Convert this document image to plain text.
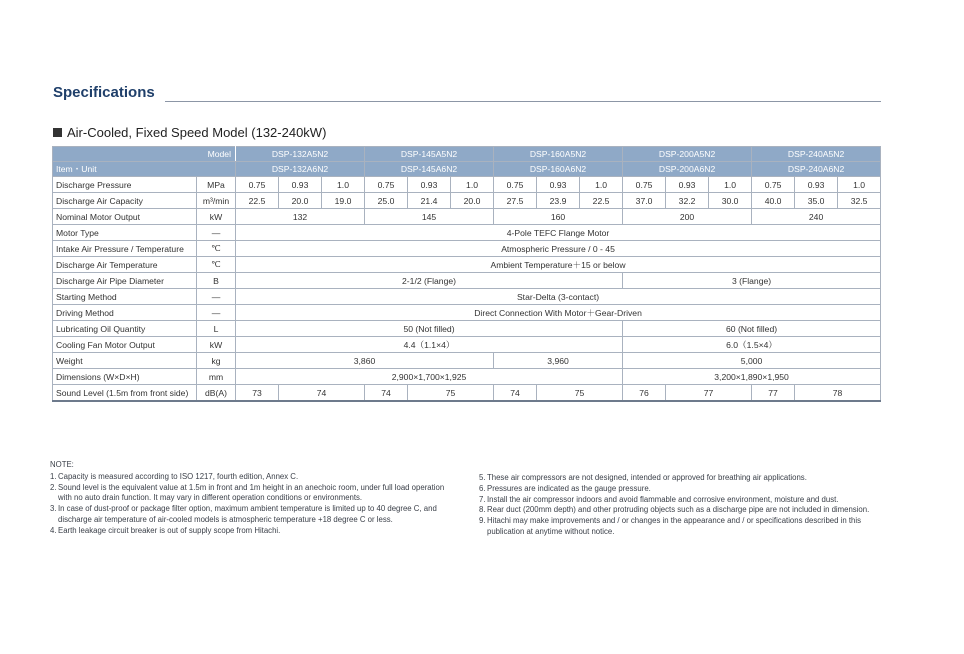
Specifications
Air-Cooled, Fixed Speed Model (132-240kW)
Model		DSP-132A5N2			DSP-145A5N2			DSP-160A5N2			DSP-200A5N2			DSP-240A5N2		
Item・Unit		DSP-132A6N2			DSP-145A6N2			DSP-160A6N2			DSP-200A6N2			DSP-240A6N2		
Discharge Pressure	MPa	0.75	0.93	1.0	0.75	0.93	1.0	0.75	0.93	1.0	0.75	0.93	1.0	0.75	0.93	1.0
Discharge Air Capacity	m³/min	22.5	20.0	19.0	25.0	21.4	20.0	27.5	23.9	22.5	37.0	32.2	30.0	40.0	35.0	32.5
Nominal Motor Output	kW	132			145			160			200			240		
Motor Type	—	4-Pole TEFC Flange Motor														
Intake Air Pressure / Temperature	℃	Atmospheric Pressure / 0 - 45														
Discharge Air Temperature	℃	Ambient Temperature＋15 or below														
Discharge Air Pipe Diameter	B	2-1/2 (Flange)									3 (Flange)					
Starting Method	—	Star-Delta (3-contact)														
Driving Method	—	Direct Connection With Motor＋Gear-Driven														
Lubricating Oil Quantity	L	50 (Not filled)									60 (Not filled)					
Cooling Fan Motor Output	kW	4.4（1.1×4）									6.0（1.5×4）					
Weight	kg	3,860						3,960			5,000					
Dimensions (W×D×H)	mm	2,900×1,700×1,925									3,200×1,890×1,950					
Sound Level (1.5m from front side)	dB(A)	73	74		74	75		74	75		76	77		77	78	
NOTE:
1. Capacity is measured according to ISO 1217, fourth edition, Annex C.
2. Sound level is the equivalent value at 1.5m in front and 1m height in an anechoic room, under full load operation with no auto drain function. It may vary in different operation conditions or environments.
3. In case of dust-proof or package filter option, maximum ambient temperature is limited up to 40 degree C, and discharge air temperature of air-cooled models is atmospheric temperature +18 degree C or less.
4. Earth leakage circuit breaker is out of supply scope from Hitachi.
5. These air compressors are not designed, intended or approved for breathing air applications.
6. Pressures are indicated as the gauge pressure.
7. Install the air compressor indoors and avoid flammable and corrosive environment, moisture and dust.
8. Rear duct (200mm depth) and other protruding objects such as a discharge pipe are not included in dimension.
9. Hitachi may make improvements and / or changes in the appearance and / or specifications described in this publication at anytime without notice.
